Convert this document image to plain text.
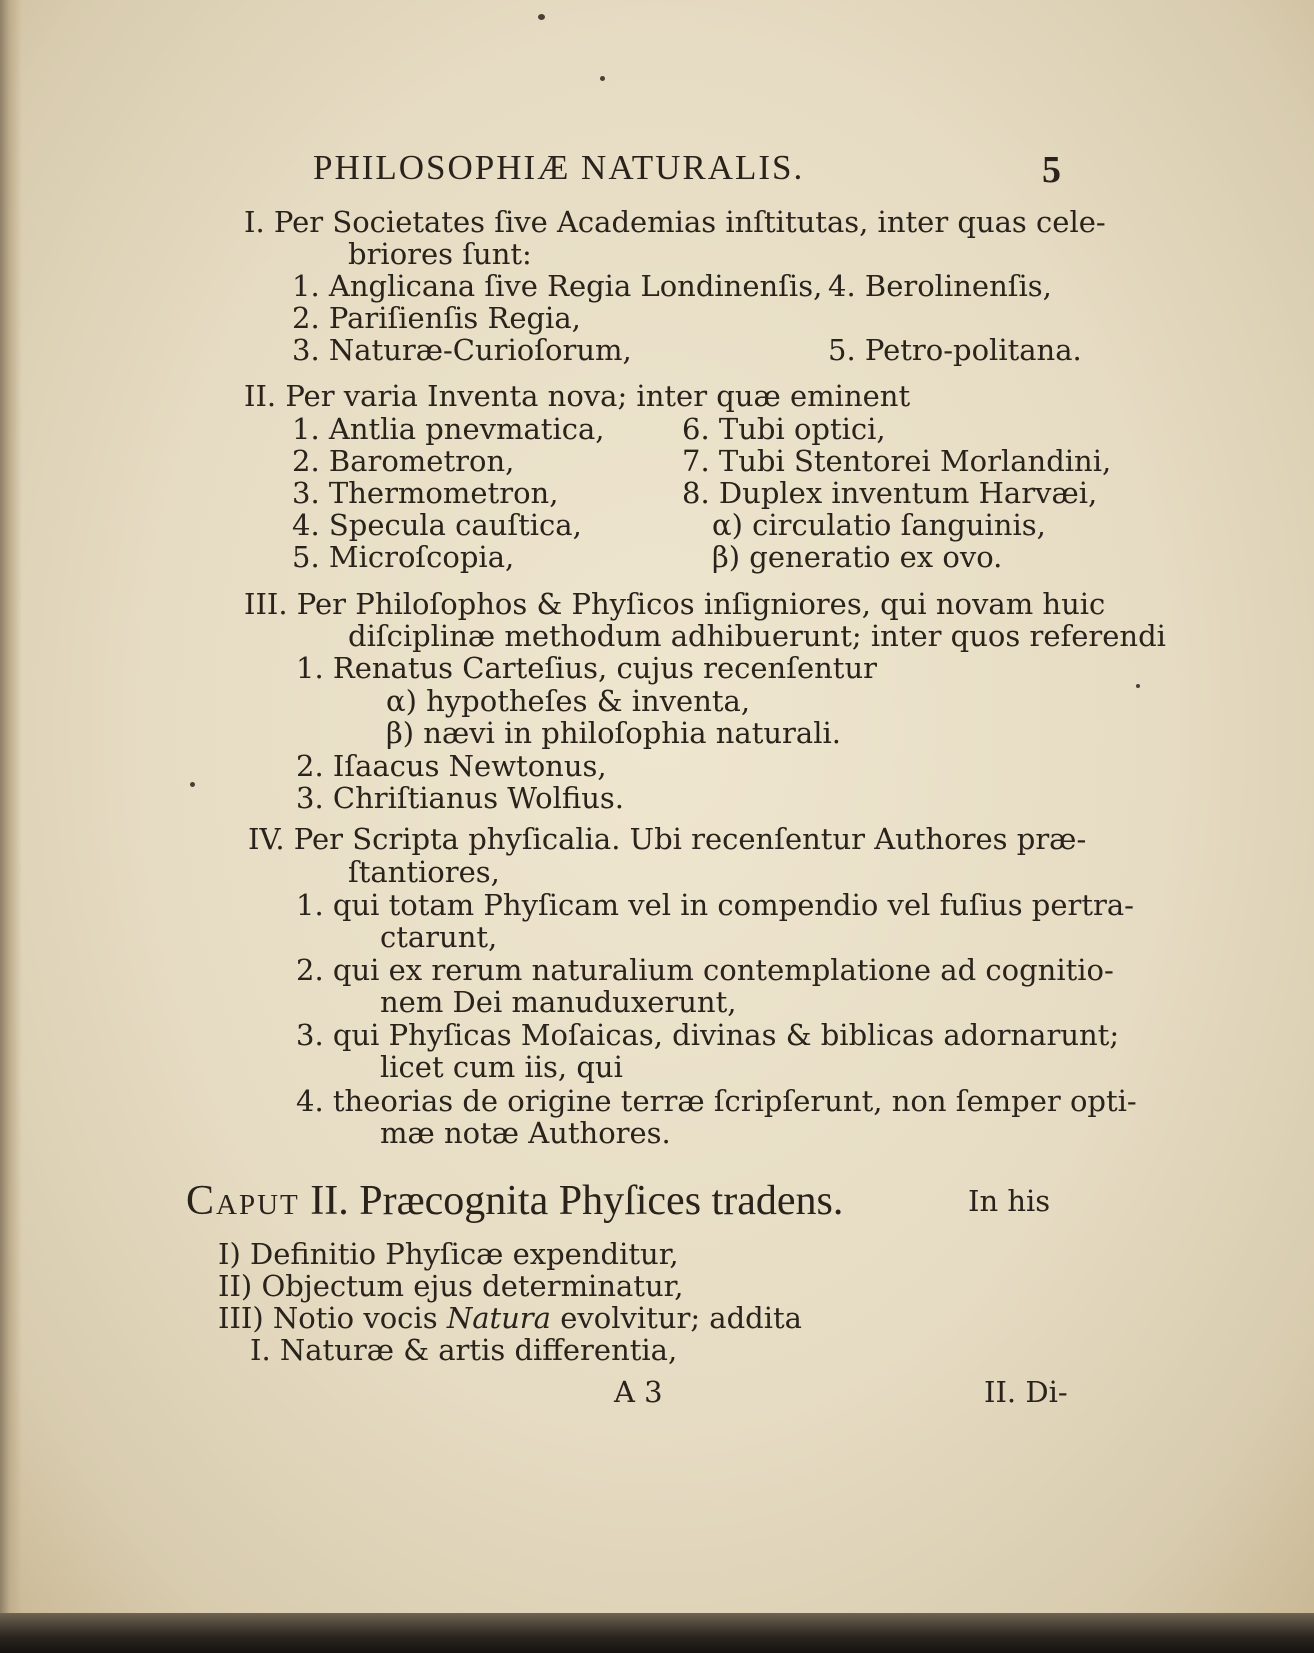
PHILOSOPHIÆ NATURALIS.	5
I. Per Societates ſive Academias inſtitutas, inter quas cele-
briores ſunt:
1. Anglicana ſive Regia Londinenſis,
2. Pariſienſis Regia,
3. Naturæ-Curioſorum,
4. Berolinenſis,
5. Petro-politana.
II. Per varia Inventa nova; inter quæ eminent
1. Antlia pnevmatica,
2. Barometron,
3. Thermometron,
4. Specula cauſtica,
5. Microſcopia,
6. Tubi optici,
7. Tubi Stentorei Morlandini,
8. Duplex inventum Harvæi,
α) circulatio ſanguinis,
β) generatio ex ovo.
III. Per Philoſophos & Phyſicos inſigniores, qui novam huic
diſciplinæ methodum adhibuerunt; inter quos referendi
1. Renatus Carteſius, cujus recenſentur
α) hypotheſes & inventa,
β) nævi in philoſophia naturali.
2. Iſaacus Newtonus,
3. Chriſtianus Wolfius.
IV. Per Scripta phyſicalia. Ubi recenſentur Authores præ-
ſtantiores,
1. qui totam Phyſicam vel in compendio vel fuſius pertra-
ctarunt,
2. qui ex rerum naturalium contemplatione ad cognitio-
nem Dei manuduxerunt,
3. qui Phyſicas Moſaicas, divinas & biblicas adornarunt;
licet cum iis, qui
4. theorias de origine terræ ſcripſerunt, non ſemper opti-
mæ notæ Authores.
Caput II. Præcognita Phyſices tradens.	In his
I) Definitio Phyſicæ expenditur,
II) Objectum ejus determinatur,
III) Notio vocis Natura evolvitur; addita
I. Naturæ & artis differentia,
A 3	II. Di-
